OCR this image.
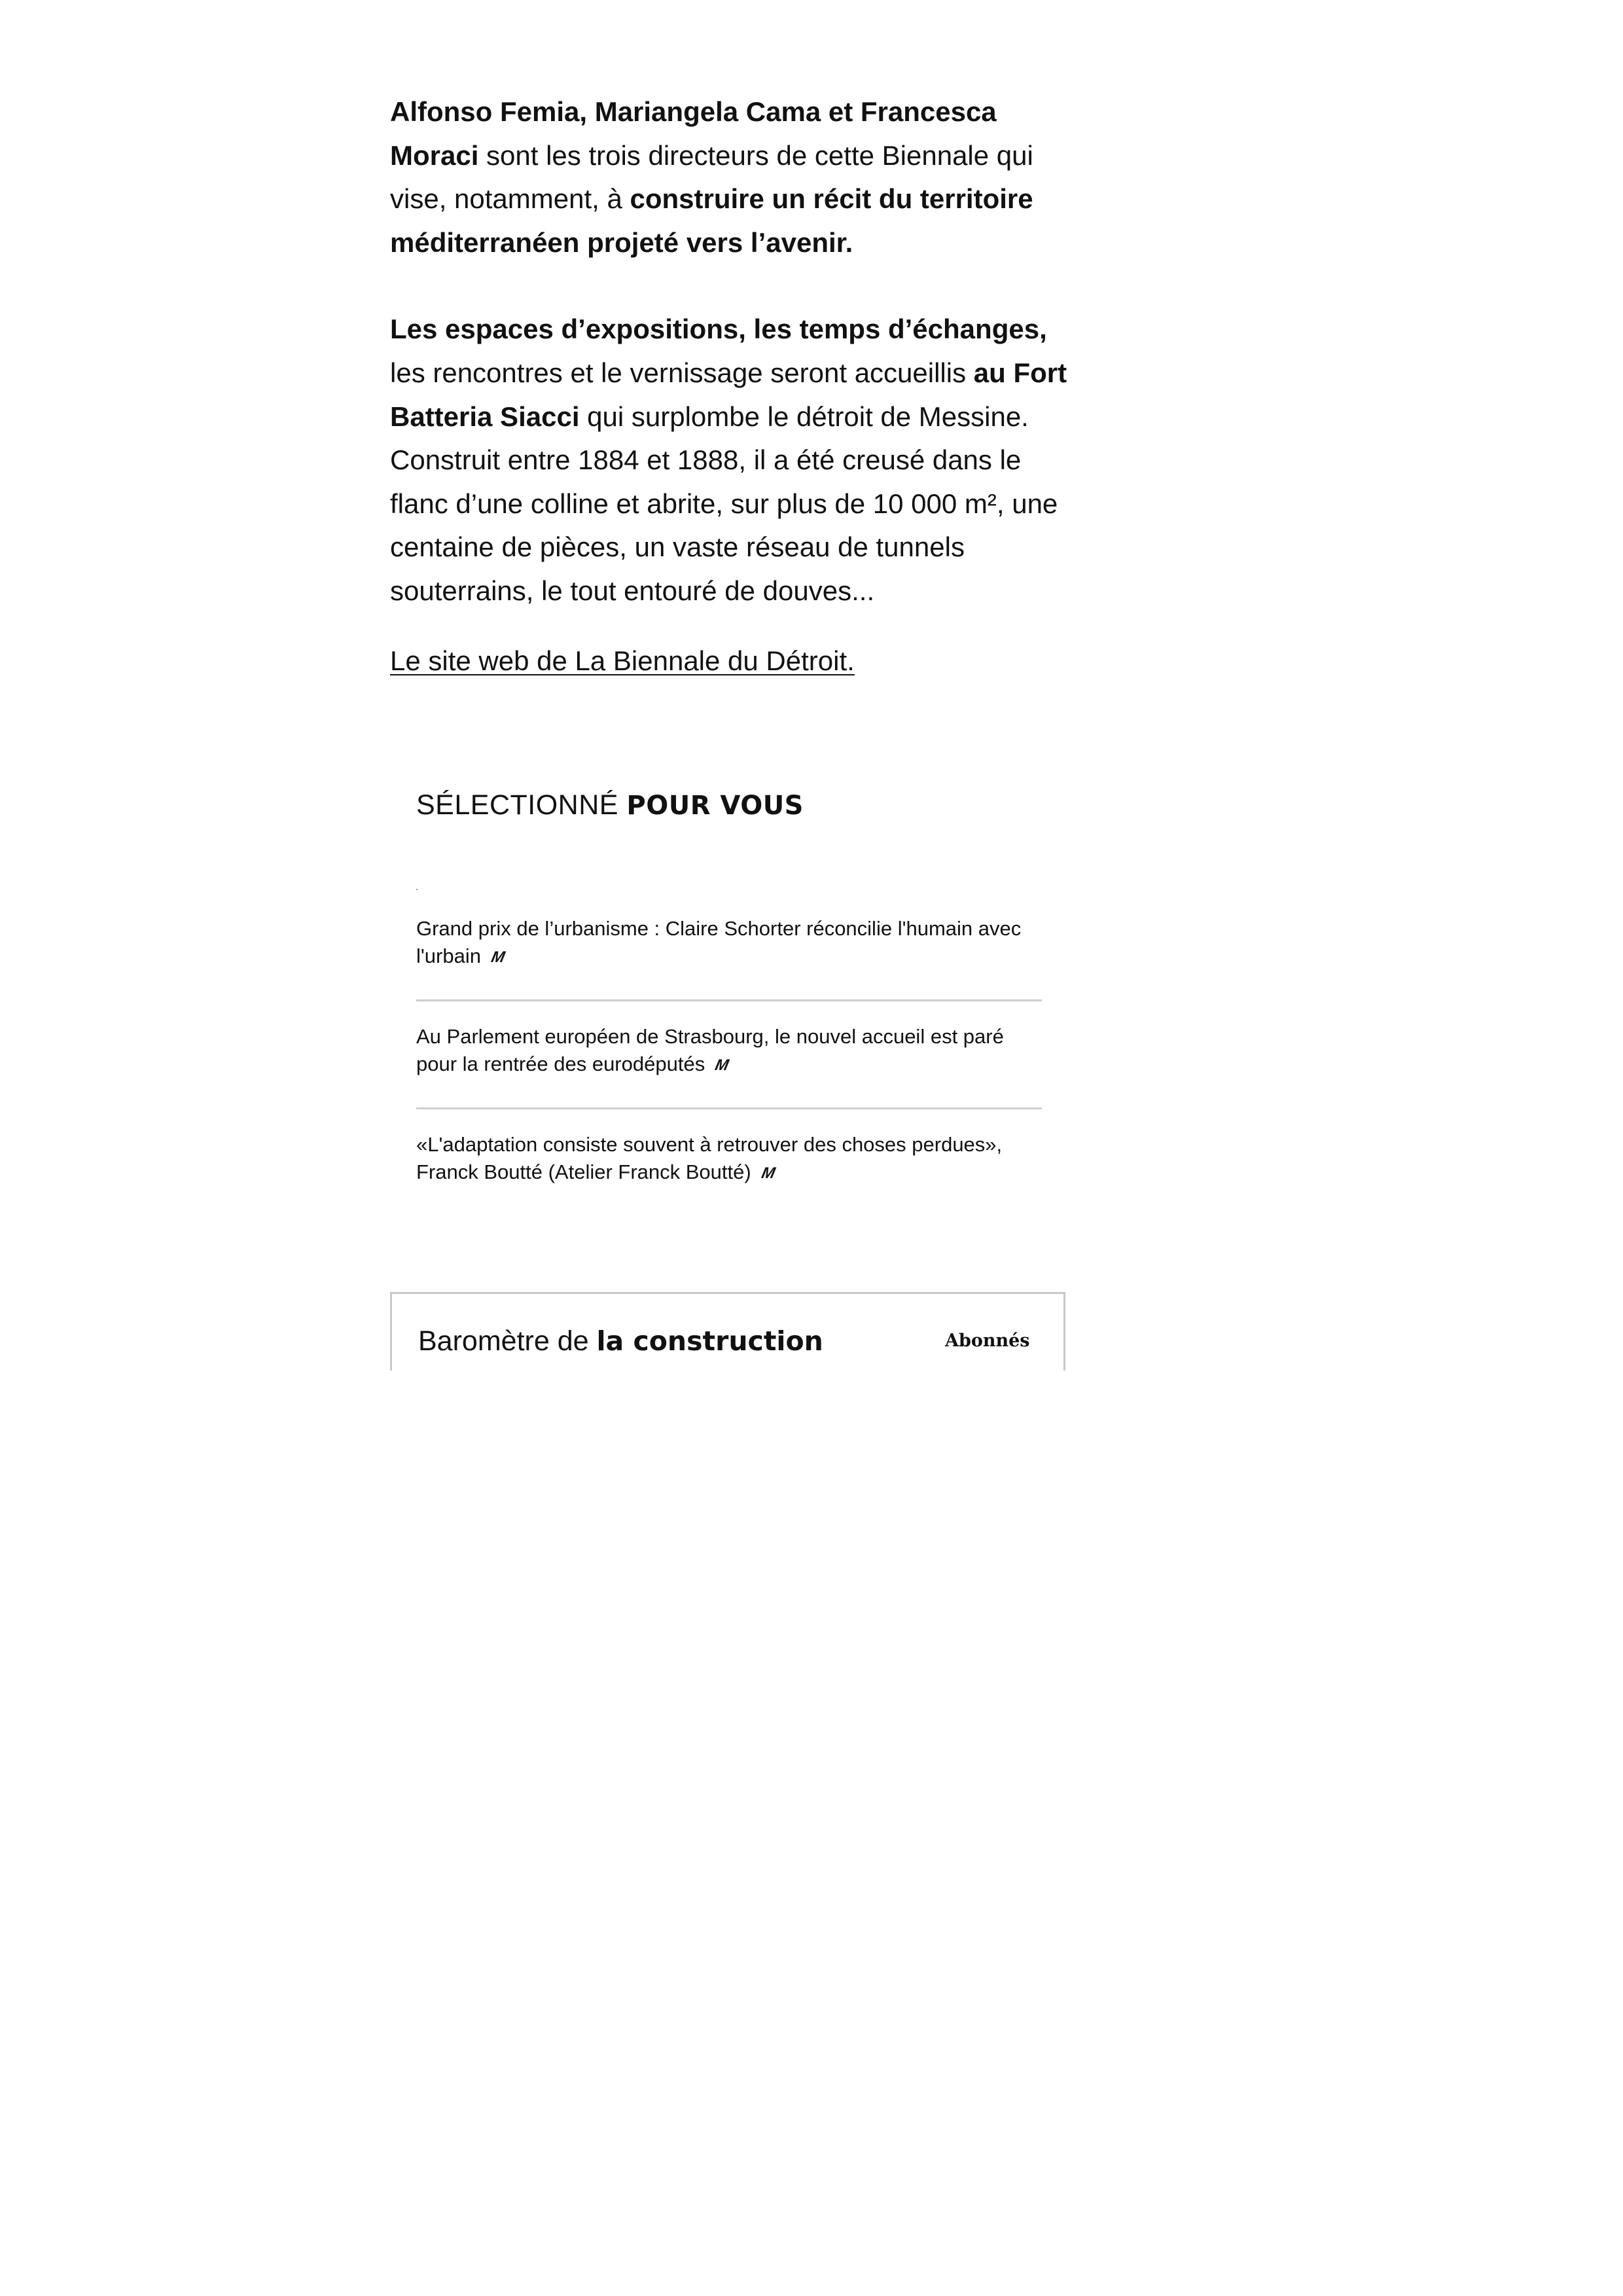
Alfonso Femia, Mariangela Cama et Francesca Moraci sont les trois directeurs de cette Biennale qui vise, notamment, à construire un récit du territoire méditerranéen projeté vers l’avenir.

Les espaces d’expositions, les temps d’échanges, les rencontres et le vernissage seront accueillis au Fort Batteria Siacci qui surplombe le détroit de Messine. Construit entre 1884 et 1888, il a été creusé dans le flanc d’une colline et abrite, sur plus de 10 000 m², une centaine de pièces, un vaste réseau de tunnels souterrains, le tout entouré de douves...

Le site web de La Biennale du Détroit.
SÉLECTIONNÉ POUR VOUS
Grand prix de l’urbanisme : Claire Schorter réconcilie l'humain avec l'urbain M
Au Parlement européen de Strasbourg, le nouvel accueil est paré pour la rentrée des eurodéputés M
«L'adaptation consiste souvent à retrouver des choses perdues», Franck Boutté (Atelier Franck Boutté) M
Baromètre de la construction	Abonnés
